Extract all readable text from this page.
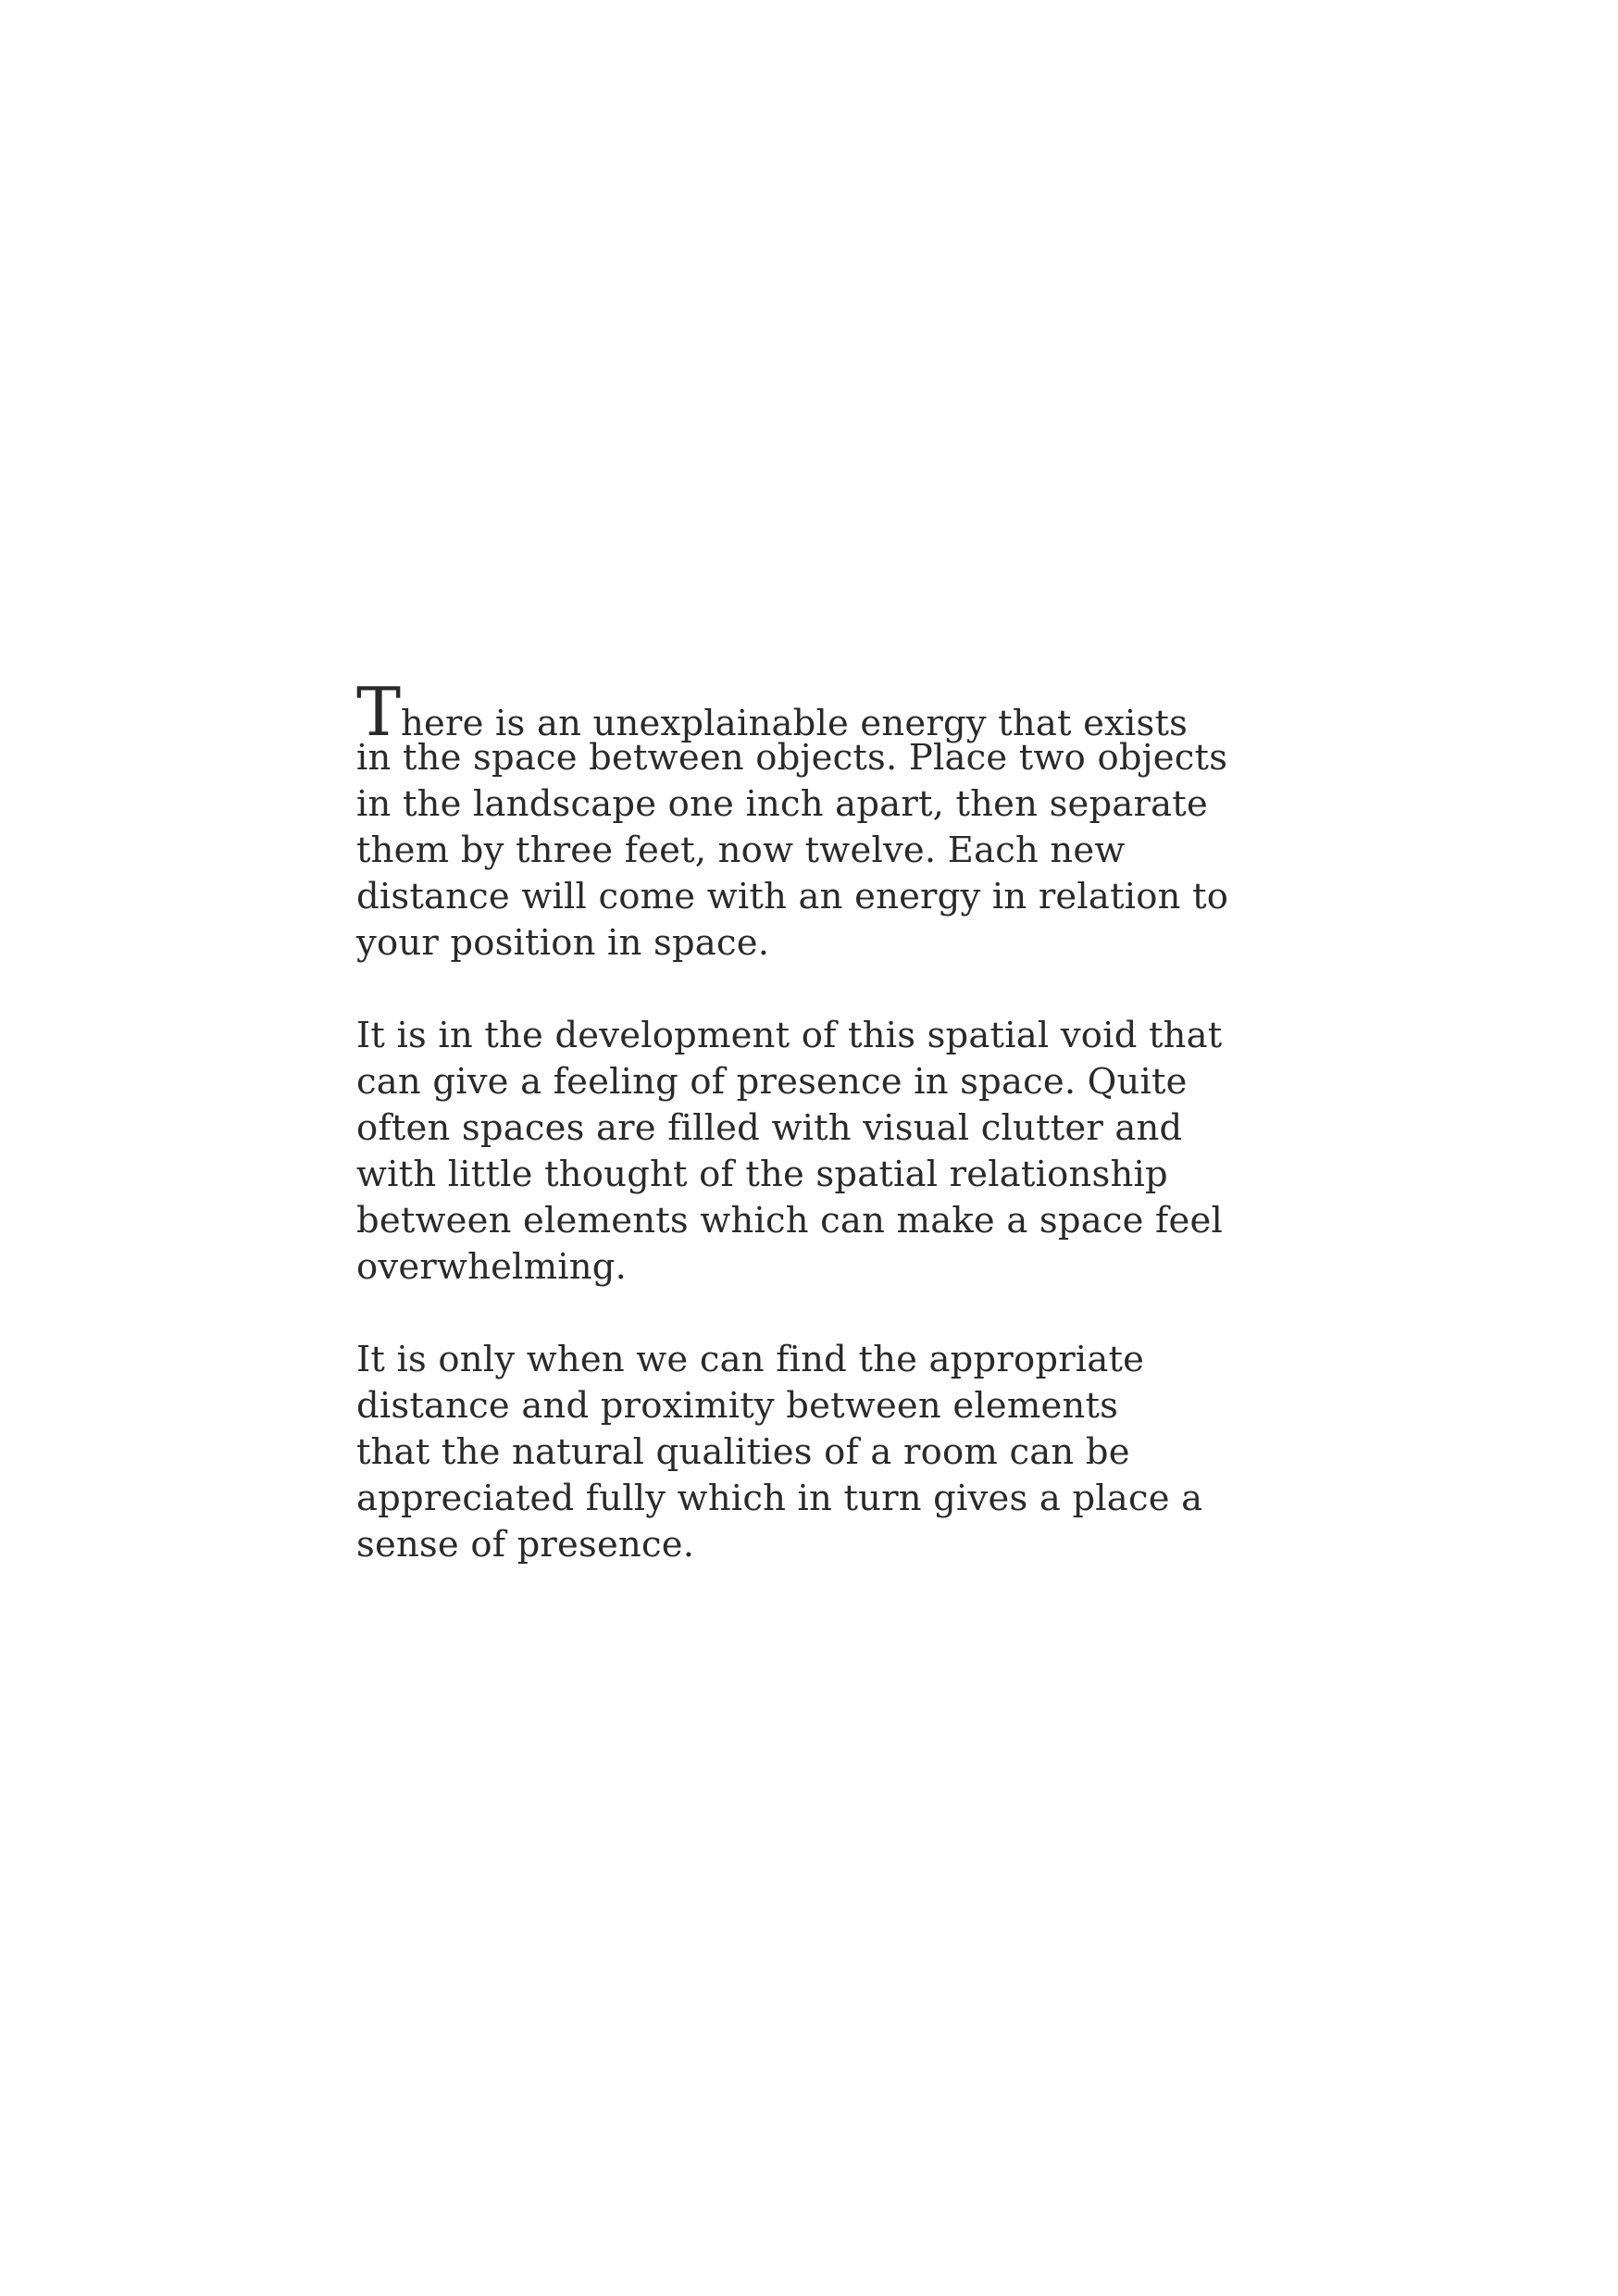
There is an unexplainable energy that exists
in the space between objects. Place two objects
in the landscape one inch apart, then separate
them by three feet, now twelve. Each new
distance will come with an energy in relation to
your position in space.

It is in the development of this spatial void that
can give a feeling of presence in space. Quite
often spaces are filled with visual clutter and
with little thought of the spatial relationship
between elements which can make a space feel
overwhelming.

It is only when we can find the appropriate
distance and proximity between elements
that the natural qualities of a room can be
appreciated fully which in turn gives a place a
sense of presence.
